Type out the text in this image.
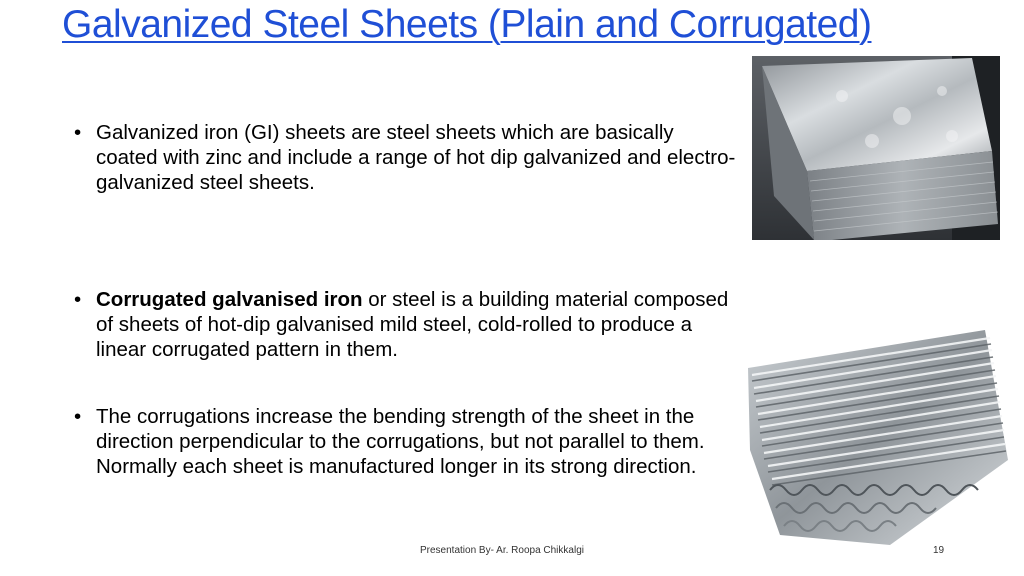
Galvanized Steel Sheets (Plain and Corrugated)
• Galvanized iron (GI) sheets are steel sheets which are basically coated with zinc and include a range of hot dip galvanized and electro-galvanized steel sheets.
• Corrugated galvanised iron or steel is a building material composed of sheets of hot-dip galvanised mild steel, cold-rolled to produce a linear corrugated pattern in them.
• The corrugations increase the bending strength of the sheet in the direction perpendicular to the corrugations, but not parallel to them. Normally each sheet is manufactured longer in its strong direction.
Presentation By- Ar. Roopa Chikkalgi	19
